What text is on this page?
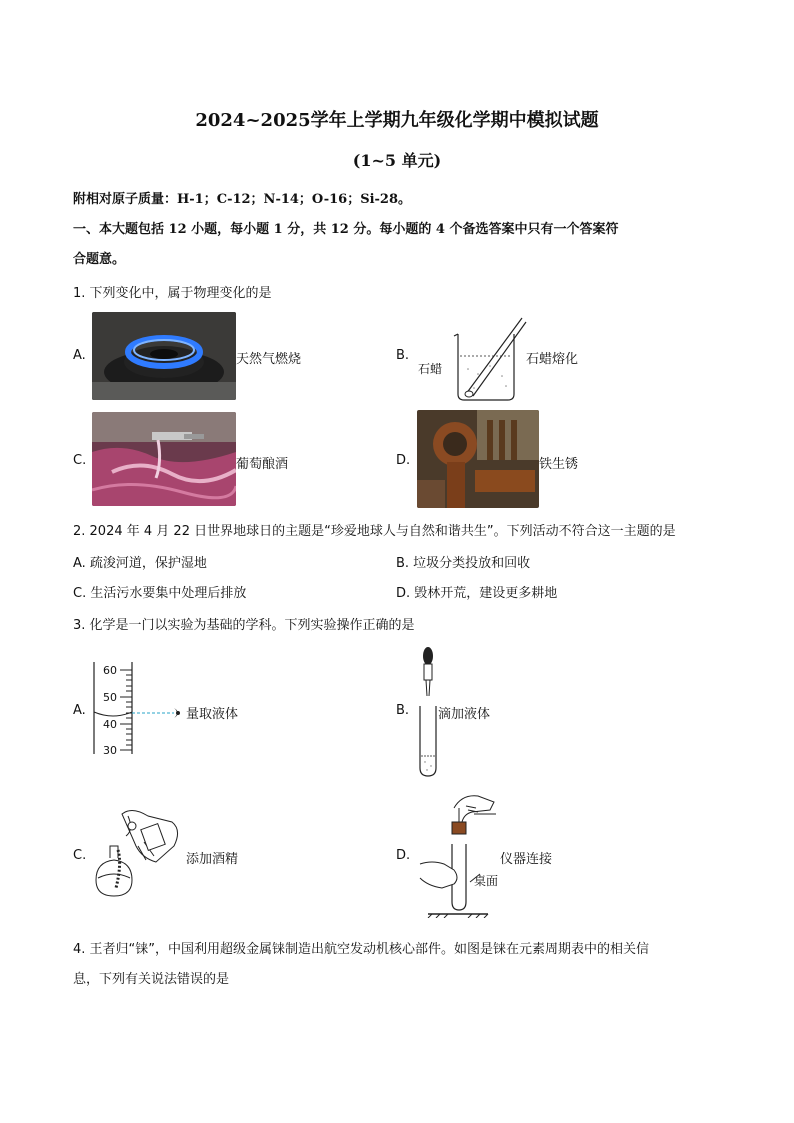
2024~2025学年上学期九年级化学期中模拟试题
(1~5 单元)
附相对原子质量：H-1；C-12；N-14；O-16；Si-28。
一、本大题包括 12 小题，每小题 1 分，共 12 分。每小题的 4 个备选答案中只有一个答案符
合题意。
1. 下列变化中，属于物理变化的是
A.	天然气燃烧	B.
石蜡
石蜡熔化
C.	葡萄酿酒	D.	铁生锈
2. 2024 年 4 月 22 日世界地球日的主题是“珍爱地球人与自然和谐共生”。下列活动不符合这一主题的是
A. 疏浚河道，保护湿地	B. 垃圾分类投放和回收
C. 生活污水要集中处理后排放	D. 毁林开荒，建设更多耕地
3. 化学是一门以实验为基础的学科。下列实验操作正确的是
A.
60
50
40
30
量取液体	B. 滴加液体
C.	添加酒精	D.
桌面
仪器连接
4. 王者归“铼”，中国利用超级金属铼制造出航空发动机核心部件。如图是铼在元素周期表中的相关信
息，下列有关说法错误的是
